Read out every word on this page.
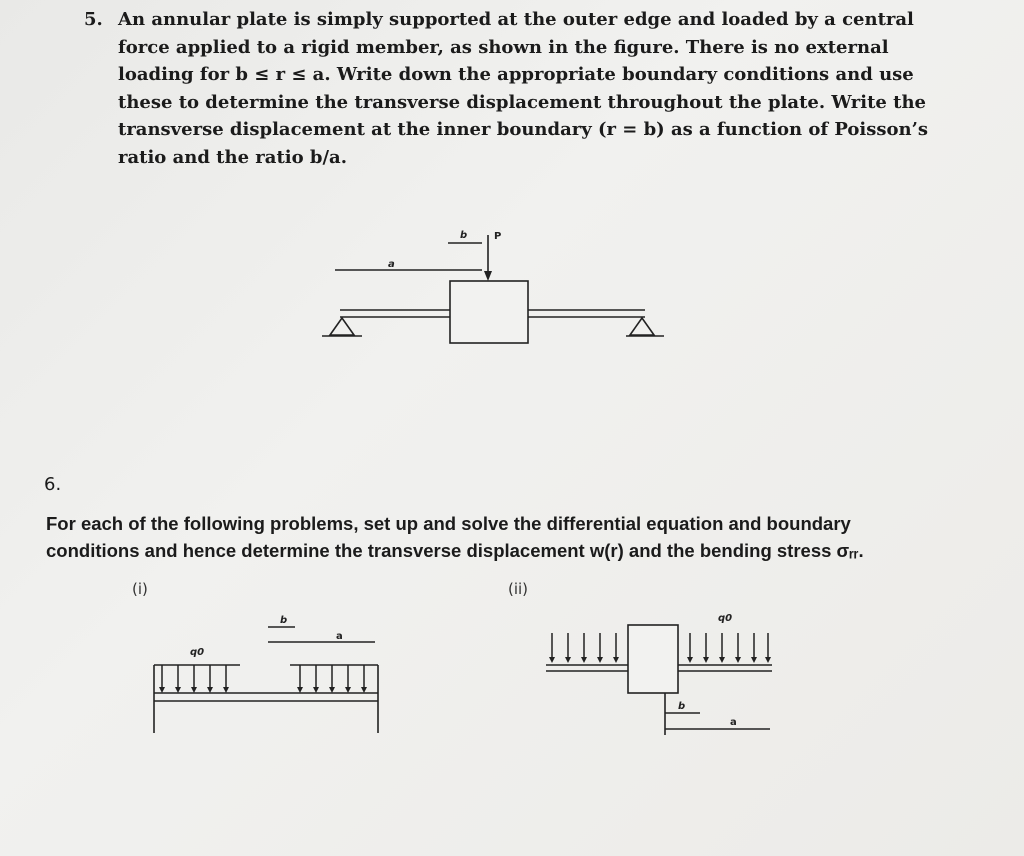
5. An annular plate is simply supported at the outer edge and loaded by a central
force applied to a rigid member, as shown in the figure. There is no external
loading for b ≤ r ≤ a. Write down the appropriate boundary conditions and use
these to determine the transverse displacement throughout the plate. Write the
transverse displacement at the inner boundary (r = b) as a function of Poisson’s
ratio and the ratio b/a.
b	P
a
6.
For each of the following problems, set up and solve the differential equation and boundary
conditions and hence determine the transverse displacement w(r) and the bending stress σᵣᵣ.
(i)	(ii)
b
a
q0
b
a
q0
